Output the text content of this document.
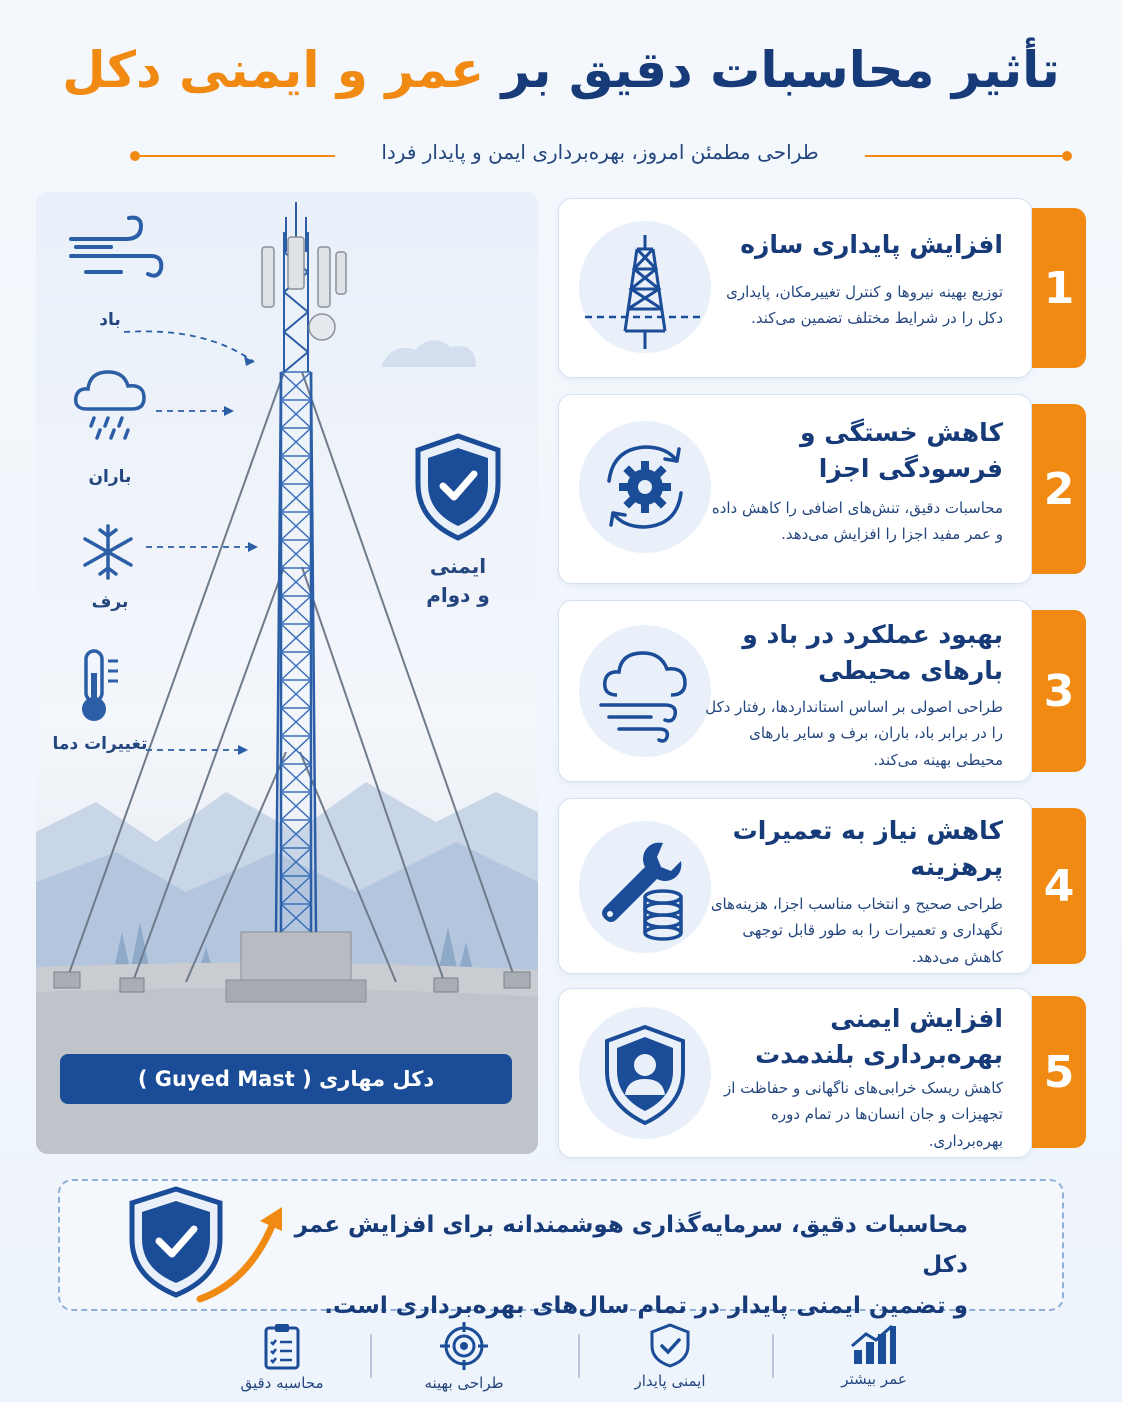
تأثیر محاسبات دقیق بر عمر و ایمنی دکل
طراحی مطمئن امروز، بهره‌برداری ایمن و پایدار فردا
باد
باران
برف
تغییرات دما
ایمنی
و دوام
دکل مهاری ( Guyed Mast )
افزایش پایداری سازه
توزیع بهینه نیروها و کنترل تغییرمکان، پایداری دکل را در شرایط مختلف تضمین می‌کند.
1
کاهش خستگی و فرسودگی اجزا
محاسبات دقیق، تنش‌های اضافی را کاهش داده و عمر مفید اجزا را افزایش می‌دهد.
2
بهبود عملکرد در باد و بارهای محیطی
طراحی اصولی بر اساس استانداردها، رفتار دکل را در برابر باد، باران، برف و سایر بارهای محیطی بهینه می‌کند.
3
کاهش نیاز به تعمیرات پرهزینه
طراحی صحیح و انتخاب مناسب اجزا، هزینه‌های نگهداری و تعمیرات را به طور قابل توجهی کاهش می‌دهد.
4
افزایش ایمنی بهره‌برداری بلندمدت
کاهش ریسک خرابی‌های ناگهانی و حفاظت از تجهیزات و جان انسان‌ها در تمام دوره بهره‌برداری.
5
محاسبات دقیق، سرمایه‌گذاری هوشمندانه برای افزایش عمر دکل
و تضمین ایمنی پایدار در تمام سال‌های بهره‌برداری است.
عمر بیشتر
ایمنی پایدار
طراحی بهینه
محاسبه دقیق
